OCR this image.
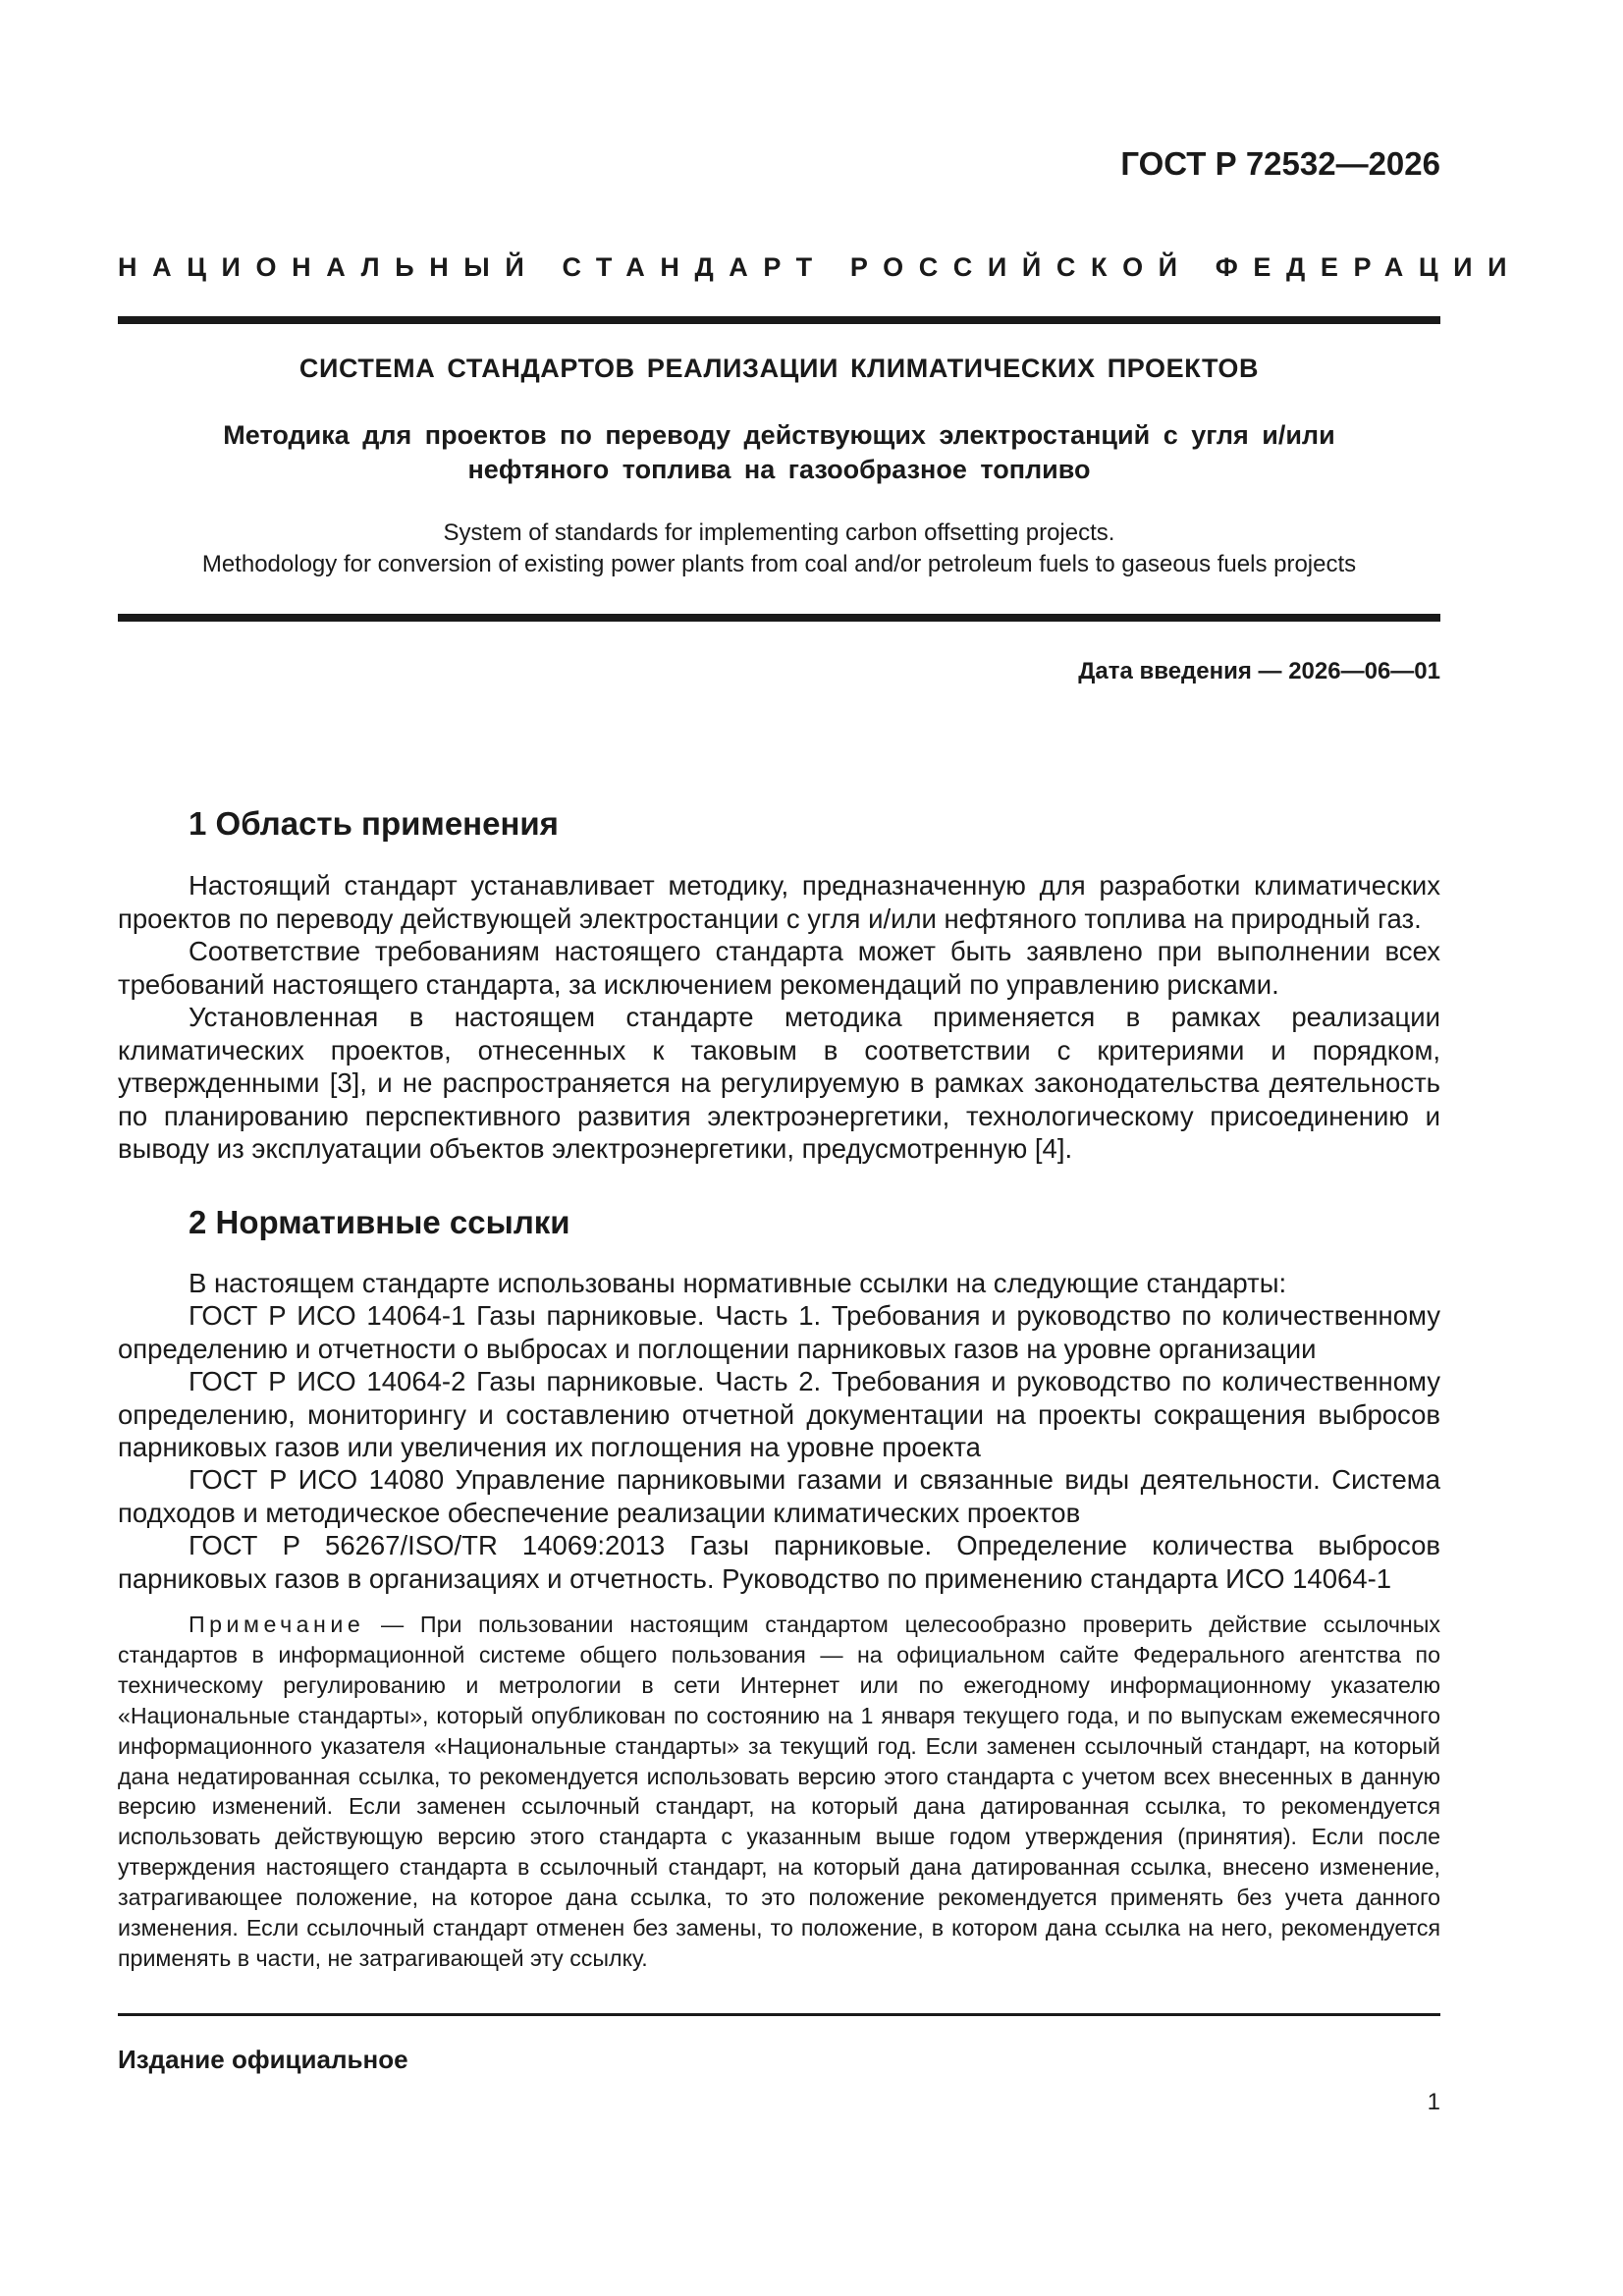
ГОСТ Р 72532—2026
НАЦИОНАЛЬНЫЙ СТАНДАРТ РОССИЙСКОЙ ФЕДЕРАЦИИ
СИСТЕМА СТАНДАРТОВ РЕАЛИЗАЦИИ КЛИМАТИЧЕСКИХ ПРОЕКТОВ
Методика для проектов по переводу действующих электростанций с угля и/или нефтяного топлива на газообразное топливо
System of standards for implementing carbon offsetting projects.
Methodology for conversion of existing power plants from coal and/or petroleum fuels to gaseous fuels projects
Дата введения — 2026—06—01
1 Область применения

Настоящий стандарт устанавливает методику, предназначенную для разработки климатических проектов по переводу действующей электростанции с угля и/или нефтяного топлива на природный газ.

Соответствие требованиям настоящего стандарта может быть заявлено при выполнении всех требований настоящего стандарта, за исключением рекомендаций по управлению рисками.

Установленная в настоящем стандарте методика применяется в рамках реализации климатических проектов, отнесенных к таковым в соответствии с критериями и порядком, утвержденными [3], и не распространяется на регулируемую в рамках законодательства деятельность по планированию перспективного развития электроэнергетики, технологическому присоединению и выводу из эксплуатации объектов электроэнергетики, предусмотренную [4].

2 Нормативные ссылки

В настоящем стандарте использованы нормативные ссылки на следующие стандарты:

ГОСТ Р ИСО 14064-1 Газы парниковые. Часть 1. Требования и руководство по количественному определению и отчетности о выбросах и поглощении парниковых газов на уровне организации

ГОСТ Р ИСО 14064-2 Газы парниковые. Часть 2. Требования и руководство по количественному определению, мониторингу и составлению отчетной документации на проекты сокращения выбросов парниковых газов или увеличения их поглощения на уровне проекта

ГОСТ Р ИСО 14080 Управление парниковыми газами и связанные виды деятельности. Система подходов и методическое обеспечение реализации климатических проектов

ГОСТ Р 56267/ISO/TR 14069:2013 Газы парниковые. Определение количества выбросов парниковых газов в организациях и отчетность. Руководство по применению стандарта ИСО 14064-1

Примечание — При пользовании настоящим стандартом целесообразно проверить действие ссылочных стандартов в информационной системе общего пользования — на официальном сайте Федерального агентства по техническому регулированию и метрологии в сети Интернет или по ежегодному информационному указателю «Национальные стандарты», который опубликован по состоянию на 1 января текущего года, и по выпускам ежемесячного информационного указателя «Национальные стандарты» за текущий год. Если заменен ссылочный стандарт, на который дана недатированная ссылка, то рекомендуется использовать версию этого стандарта с учетом всех внесенных в данную версию изменений. Если заменен ссылочный стандарт, на который дана датированная ссылка, то рекомендуется использовать действующую версию этого стандарта с указанным выше годом утверждения (принятия). Если после утверждения настоящего стандарта в ссылочный стандарт, на который дана датированная ссылка, внесено изменение, затрагивающее положение, на которое дана ссылка, то это положение рекомендуется применять без учета данного изменения. Если ссылочный стандарт отменен без замены, то положение, в котором дана ссылка на него, рекомендуется применять в части, не затрагивающей эту ссылку.

Издание официальное
1
